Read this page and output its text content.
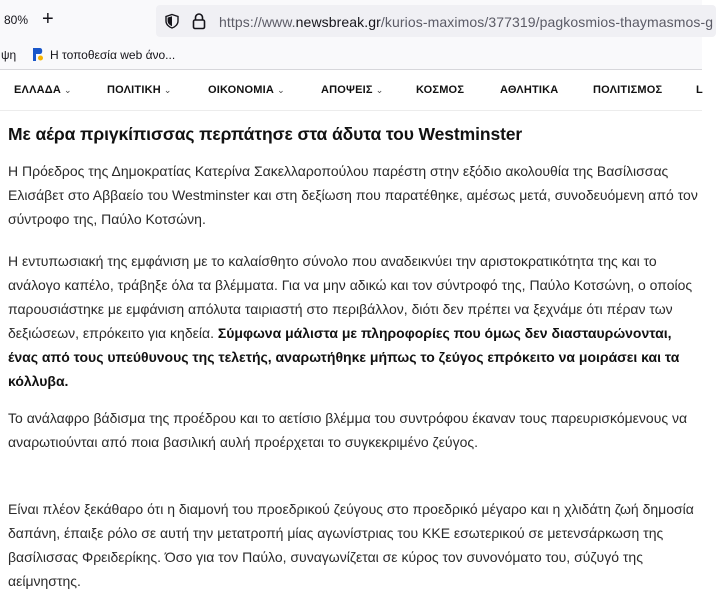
80% +	https://www.newsbreak.gr/kurios-maximos/377319/pagkosmios-thaymasmos-g
ψη	Η τοποθεσία web άνο...
ΕΛΛΑΔΑ ⌄	ΠΟΛΙΤΙΚΗ ⌄	ΟΙΚΟΝΟΜΙΑ ⌄	ΑΠΟΨΕΙΣ ⌄	ΚΟΣΜΟΣ	ΑΘΛΗΤΙΚΑ	ΠΟΛΙΤΙΣΜΟΣ	L
Με αέρα πριγκίπισσας περπάτησε στα άδυτα του Westminster

Η Πρόεδρος της Δημοκρατίας Κατερίνα Σακελλαροπούλου παρέστη στην εξόδιο ακολουθία της Βασίλισσας Ελισάβετ στο Αββαείο του Westminster και στη δεξίωση που παρατέθηκε, αμέσως μετά, συνοδευόμενη από τον σύντροφο της, Παύλο Κοτσώνη.

Η εντυπωσιακή της εμφάνιση με το καλαίσθητο σύνολο που αναδεικνύει την αριστοκρατικότητα της και το ανάλογο καπέλο, τράβηξε όλα τα βλέμματα. Για να μην αδικώ και τον σύντροφό της, Παύλο Κοτσώνη, ο οποίος παρουσιάστηκε με εμφάνιση απόλυτα ταιριαστή στο περιβάλλον, διότι δεν πρέπει να ξεχνάμε ότι πέραν των δεξιώσεων, επρόκειτο για κηδεία. Σύμφωνα μάλιστα με πληροφορίες που όμως δεν διασταυρώνονται, ένας από τους υπεύθυνους της τελετής, αναρωτήθηκε μήπως το ζεύγος επρόκειτο να μοιράσει και τα κόλλυβα.

Το ανάλαφρο βάδισμα της προέδρου και το αετίσιο βλέμμα του συντρόφου έκαναν τους παρευρισκόμενους να αναρωτιούνται από ποια βασιλική αυλή προέρχεται το συγκεκριμένο ζεύγος.

Είναι πλέον ξεκάθαρο ότι η διαμονή του προεδρικού ζεύγους στο προεδρικό μέγαρο και η χλιδάτη ζωή δημοσία δαπάνη, έπαιξε ρόλο σε αυτή την μετατροπή μίας αγωνίστριας του ΚΚΕ εσωτερικού σε μετενσάρκωση της βασίλισσας Φρειδερίκης. Όσο για τον Παύλο, συναγωνίζεται σε κύρος τον συνονόματο του, σύζυγό της αείμνηστης.
